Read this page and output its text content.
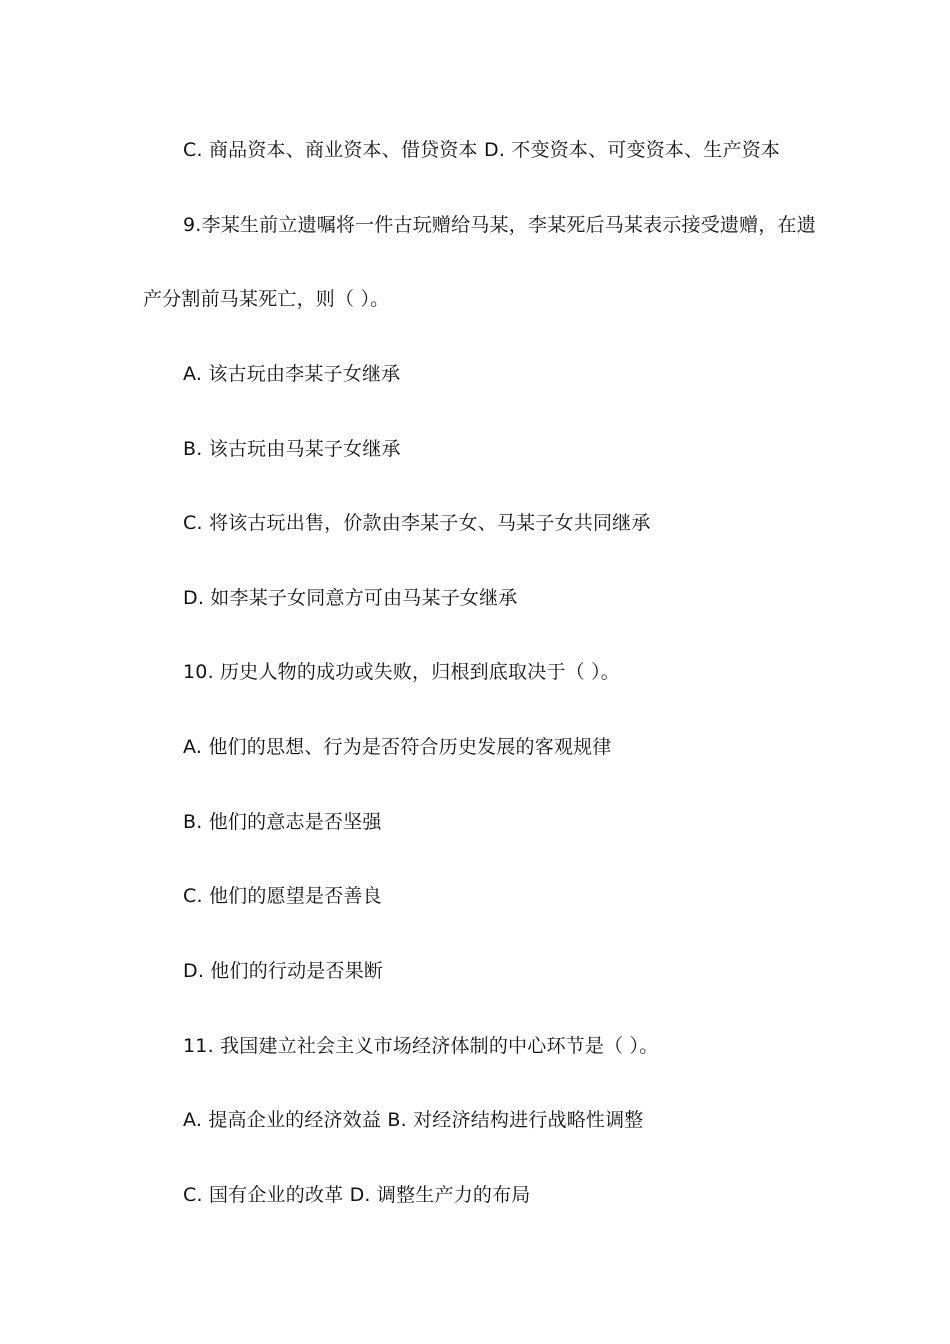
C. 商品资本、商业资本、借贷资本 D. 不变资本、可变资本、生产资本
9.李某生前立遗嘱将一件古玩赠给马某，李某死后马某表示接受遗赠，在遗
产分割前马某死亡，则（ ）。
A. 该古玩由李某子女继承
B. 该古玩由马某子女继承
C. 将该古玩出售，价款由李某子女、马某子女共同继承
D. 如李某子女同意方可由马某子女继承
10. 历史人物的成功或失败，归根到底取决于（ ）。
A. 他们的思想、行为是否符合历史发展的客观规律
B. 他们的意志是否坚强
C. 他们的愿望是否善良
D. 他们的行动是否果断
11. 我国建立社会主义市场经济体制的中心环节是（ ）。
A. 提高企业的经济效益 B. 对经济结构进行战略性调整
C. 国有企业的改革 D. 调整生产力的布局
